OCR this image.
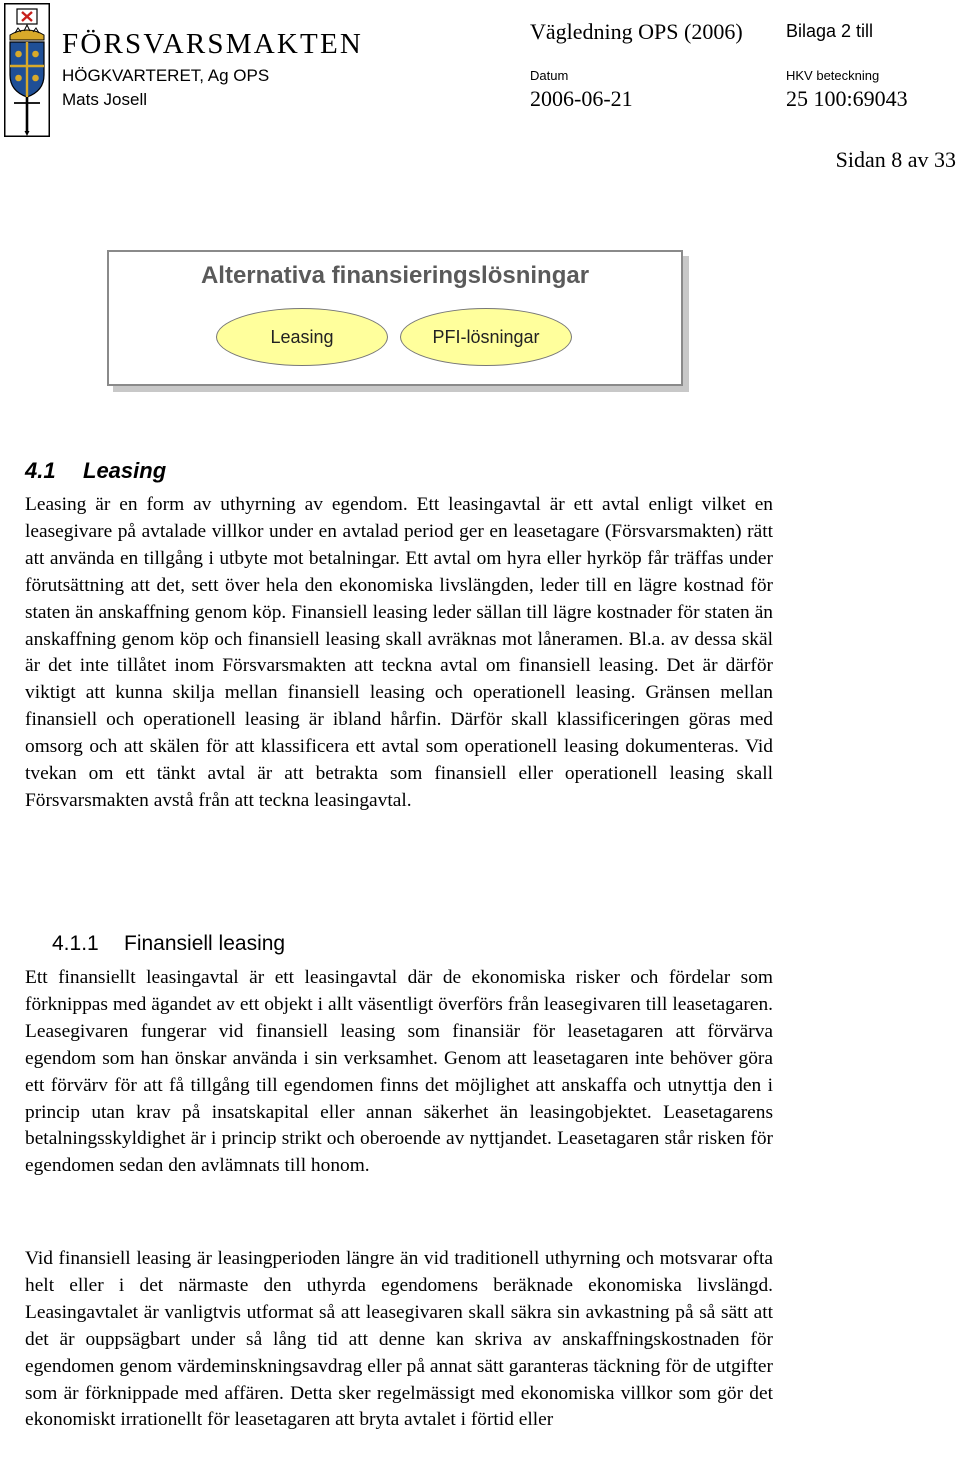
FÖRSVARSMAKTEN
HÖGKVARTERET, Ag OPS
Mats Josell
Vägledning OPS (2006) Bilaga 2 till
Datum	HKV beteckning
2006-06-21	25 100:69043
Sidan 8 av 33
Alternativa finansieringslösningar
Leasing	PFI-lösningar
4.1 Leasing

Leasing är en form av uthyrning av egendom. Ett leasingavtal är ett avtal enligt vilket en leasegivare på avtalade villkor under en avtalad period ger en leasetagare (Försvarsmakten) rätt att använda en tillgång i utbyte mot betalningar. Ett avtal om hyra eller hyrköp får träffas under förutsättning att det, sett över hela den ekonomiska livslängden, leder till en lägre kostnad för staten än anskaffning genom köp. Finansiell leasing leder sällan till lägre kostnader för staten än anskaffning genom köp och finansiell leasing skall avräknas mot låneramen. Bl.a. av dessa skäl är det inte tillåtet inom Försvarsmakten att teckna avtal om finansiell leasing. Det är därför viktigt att kunna skilja mellan finansiell leasing och operationell leasing. Gränsen mellan finansiell och operationell leasing är ibland hårfin. Därför skall klassificeringen göras med omsorg och att skälen för att klassificera ett avtal som operationell leasing dokumenteras. Vid tvekan om ett tänkt avtal är att betrakta som finansiell eller operationell leasing skall Försvarsmakten avstå från att teckna leasingavtal.

4.1.1 Finansiell leasing

Ett finansiellt leasingavtal är ett leasingavtal där de ekonomiska risker och fördelar som förknippas med ägandet av ett objekt i allt väsentligt överförs från leasegivaren till leasetagaren. Leasegivaren fungerar vid finansiell leasing som finansiär för leasetagaren att förvärva egendom som han önskar använda i sin verksamhet. Genom att leasetagaren inte behöver göra ett förvärv för att få tillgång till egendomen finns det möjlighet att anskaffa och utnyttja den i princip utan krav på insatskapital eller annan säkerhet än leasingobjektet. Leasetagarens betalningsskyldighet är i princip strikt och oberoende av nyttjandet. Leasetagaren står risken för egendomen sedan den avlämnats till honom.

Vid finansiell leasing är leasingperioden längre än vid traditionell uthyrning och motsvarar ofta helt eller i det närmaste den uthyrda egendomens beräknade ekonomiska livslängd. Leasingavtalet är vanligtvis utformat så att leasegivaren skall säkra sin avkastning på så sätt att det är ouppsägbart under så lång tid att denne kan skriva av anskaffningskostnaden för egendomen genom värdeminskningsavdrag eller på annat sätt garanteras täckning för de utgifter som är förknippade med affären. Detta sker regelmässigt med ekonomiska villkor som gör det ekonomiskt irrationellt för leasetagaren att bryta avtalet i förtid eller
